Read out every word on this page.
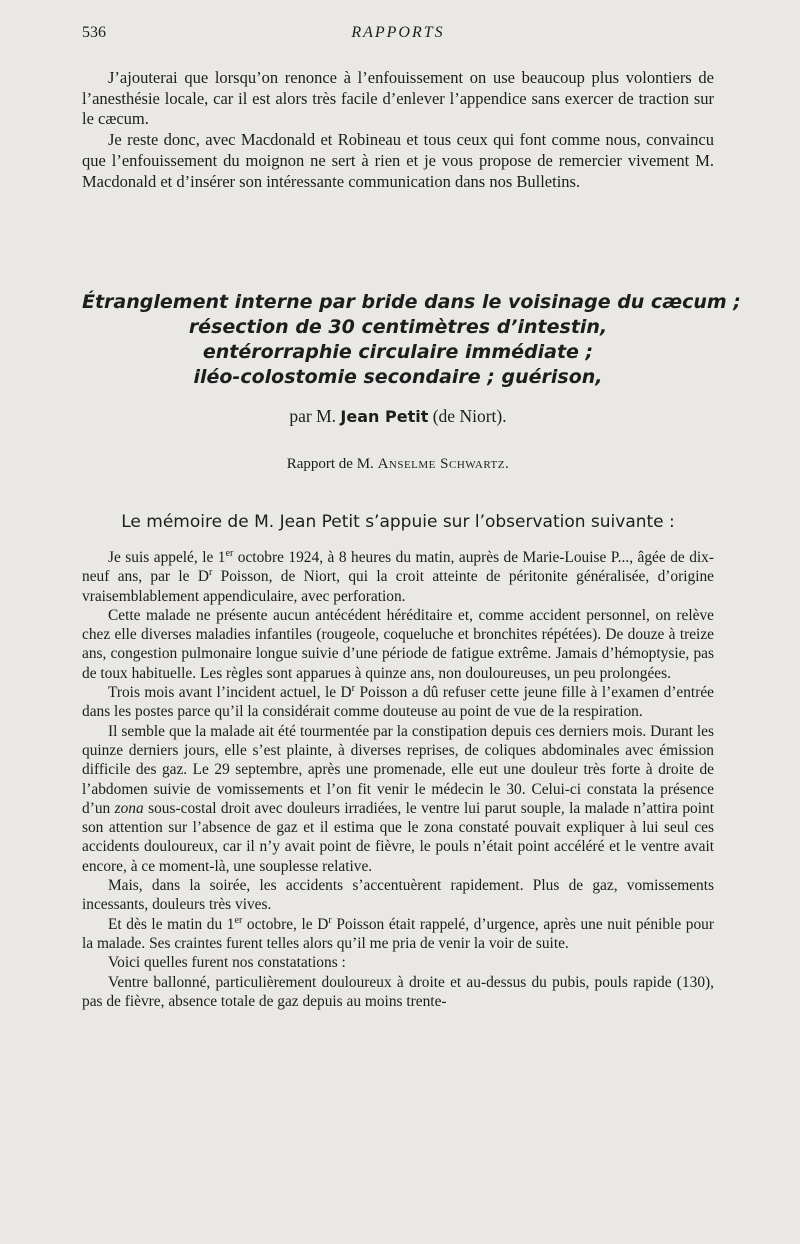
536	RAPPORTS

J’ajouterai que lorsqu’on renonce à l’enfouissement on use beaucoup plus volontiers de l’anesthésie locale, car il est alors très facile d’enlever l’appendice sans exercer de traction sur le cæcum.

Je reste donc, avec Macdonald et Robineau et tous ceux qui font comme nous, convaincu que l’enfouissement du moignon ne sert à rien et je vous propose de remercier vivement M. Macdonald et d’insérer son intéressante communication dans nos Bulletins.

Étranglement interne par bride dans le voisinage du cæcum ;
résection de 30 centimètres d’intestin,
entérorraphie circulaire immédiate ;
iléo-colostomie secondaire ; guérison,
par M. Jean Petit (de Niort).
Rapport de M. Anselme Schwartz.
Le mémoire de M. Jean Petit s’appuie sur l’observation suivante :

Je suis appelé, le 1er octobre 1924, à 8 heures du matin, auprès de Marie-Louise P..., âgée de dix-neuf ans, par le $D^r$ Poisson, de Niort, qui la croit atteinte de péritonite généralisée, d’origine vraisemblablement appendiculaire, avec perforation.

Cette malade ne présente aucun antécédent héréditaire et, comme accident personnel, on relève chez elle diverses maladies infantiles (rougeole, coqueluche et bronchites répétées). De douze à treize ans, congestion pulmonaire longue suivie d’une période de fatigue extrême. Jamais d’hémoptysie, pas de toux habituelle. Les règles sont apparues à quinze ans, non douloureuses, un peu prolongées.

Trois mois avant l’incident actuel, le $D^r$ Poisson a dû refuser cette jeune fille à l’examen d’entrée dans les postes parce qu’il la considérait comme douteuse au point de vue de la respiration.

Il semble que la malade ait été tourmentée par la constipation depuis ces derniers mois. Durant les quinze derniers jours, elle s’est plainte, à diverses reprises, de coliques abdominales avec émission difficile des gaz. Le 29 septembre, après une promenade, elle eut une douleur très forte à droite de l’abdomen suivie de vomissements et l’on fit venir le médecin le 30. Celui-ci constata la présence d’un zona sous-costal droit avec douleurs irradiées, le ventre lui parut souple, la malade n’attira point son attention sur l’absence de gaz et il estima que le zona constaté pouvait expliquer à lui seul ces accidents douloureux, car il n’y avait point de fièvre, le pouls n’était point accéléré et le ventre avait encore, à ce moment-là, une souplesse relative.

Mais, dans la soirée, les accidents s’accentuèrent rapidement. Plus de gaz, vomissements incessants, douleurs très vives.

Et dès le matin du 1er octobre, le $D^r$ Poisson était rappelé, d’urgence, après une nuit pénible pour la malade. Ses craintes furent telles alors qu’il me pria de venir la voir de suite.

Voici quelles furent nos constatations :

Ventre ballonné, particulièrement douloureux à droite et au-dessus du pubis, pouls rapide (130), pas de fièvre, absence totale de gaz depuis au moins trente-
